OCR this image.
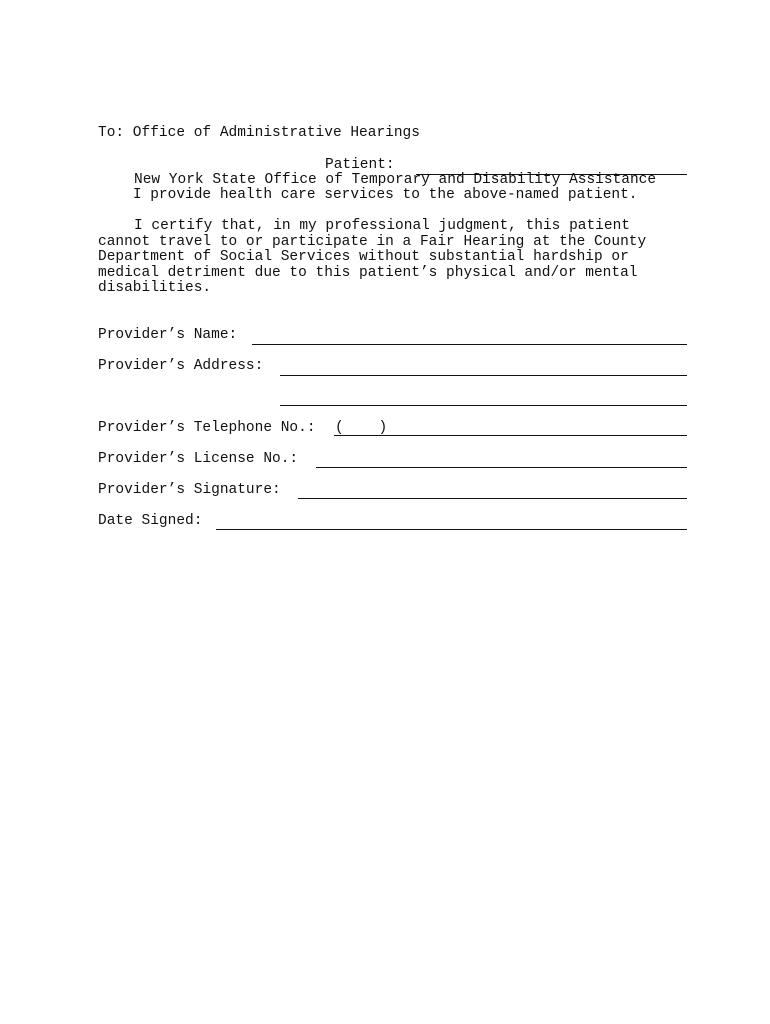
To: Office of Administrative Hearings

New York State Office of Temporary and Disability Assistance

Patient:
I provide health care services to the above-named patient.
I certify that, in my professional judgment, this patient
cannot travel to or participate in a Fair Hearing at the County Department of Social Services without substantial hardship or medical detriment due to this patient’s physical and/or mental disabilities.
Provider’s Name:
Provider’s Address:
Provider’s Telephone No.: (    )
Provider’s License No.:
Provider’s Signature:
Date Signed:
